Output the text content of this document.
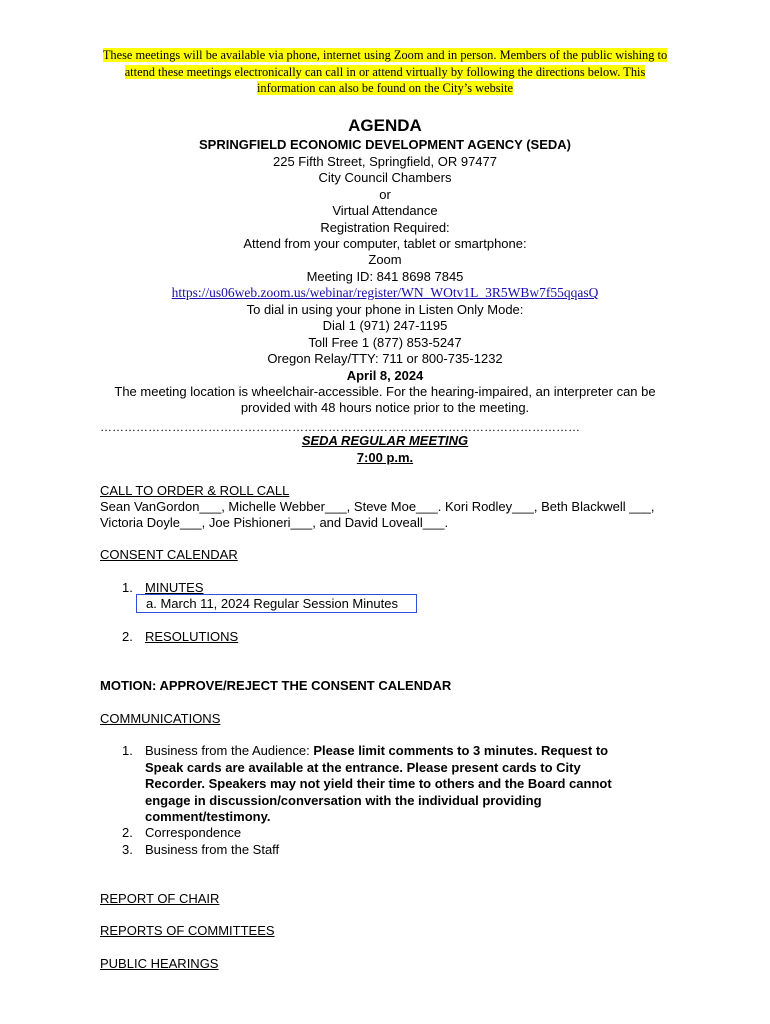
These meetings will be available via phone, internet using Zoom and in person. Members of the public wishing to attend these meetings electronically can call in or attend virtually by following the directions below. This information can also be found on the City’s website
AGENDA
SPRINGFIELD ECONOMIC DEVELOPMENT AGENCY (SEDA)
225 Fifth Street, Springfield, OR 97477
City Council Chambers
or
Virtual Attendance
Registration Required:
Attend from your computer, tablet or smartphone:
Zoom
Meeting ID: 841 8698 7845
https://us06web.zoom.us/webinar/register/WN_WOtv1L_3R5WBw7f55qqasQ
To dial in using your phone in Listen Only Mode:
Dial 1 (971) 247-1195
Toll Free 1 (877) 853-5247
Oregon Relay/TTY: 711 or 800-735-1232
April 8, 2024
The meeting location is wheelchair-accessible. For the hearing-impaired, an interpreter can be provided with 48 hours notice prior to the meeting.
…………………………………………………………………………………………………………
SEDA REGULAR MEETING
7:00 p.m.
CALL TO ORDER & ROLL CALL
Sean VanGordon___, Michelle Webber___, Steve Moe___. Kori Rodley___, Beth Blackwell ___, Victoria Doyle___, Joe Pishioneri___, and David Loveall___.
CONSENT CALENDAR
1. MINUTES
a. March 11, 2024 Regular Session Minutes
2. RESOLUTIONS
MOTION: APPROVE/REJECT THE CONSENT CALENDAR
COMMUNICATIONS
1. Business from the Audience: Please limit comments to 3 minutes. Request to
Speak cards are available at the entrance. Please present cards to City
Recorder. Speakers may not yield their time to others and the Board cannot
engage in discussion/conversation with the individual providing
comment/testimony.
2. Correspondence
3. Business from the Staff
REPORT OF CHAIR
REPORTS OF COMMITTEES
PUBLIC HEARINGS
